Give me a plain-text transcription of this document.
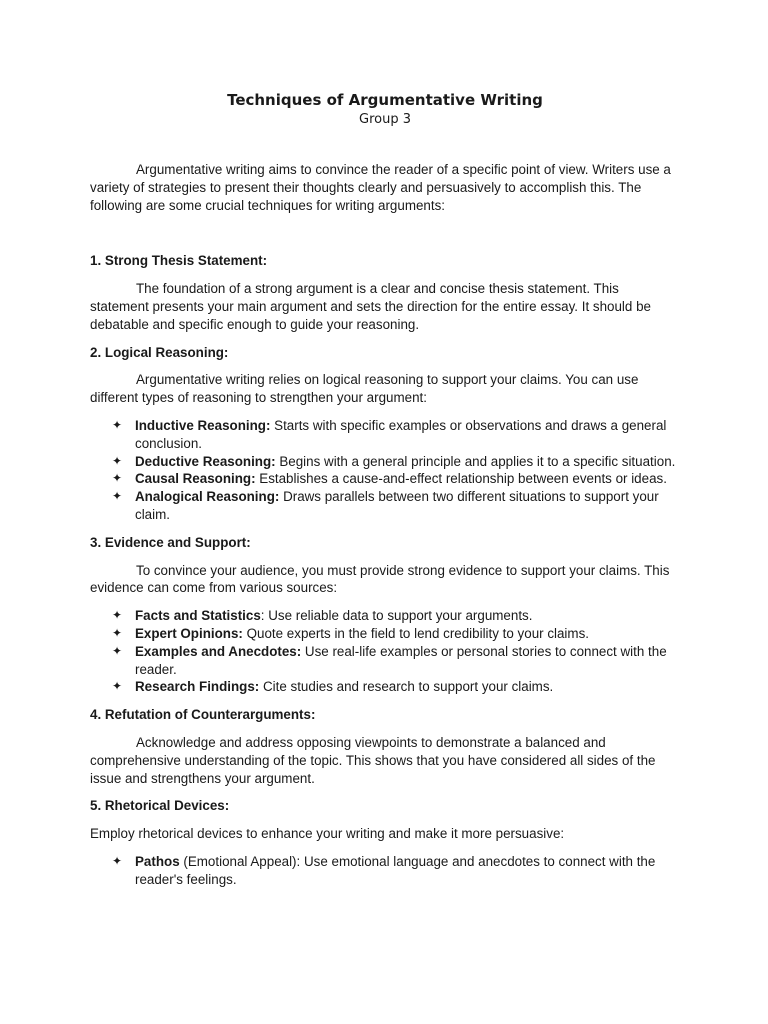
Techniques of Argumentative Writing

Group 3

Argumentative writing aims to convince the reader of a specific point of view. Writers use a variety of strategies to present their thoughts clearly and persuasively to accomplish this. The following are some crucial techniques for writing arguments:

1. Strong Thesis Statement:

The foundation of a strong argument is a clear and concise thesis statement. This statement presents your main argument and sets the direction for the entire essay. It should be debatable and specific enough to guide your reasoning.

2. Logical Reasoning:

Argumentative writing relies on logical reasoning to support your claims. You can use different types of reasoning to strengthen your argument:

✦ Inductive Reasoning: Starts with specific examples or observations and draws a general conclusion.
✦ Deductive Reasoning: Begins with a general principle and applies it to a specific situation.
✦ Causal Reasoning: Establishes a cause-and-effect relationship between events or ideas.
✦ Analogical Reasoning: Draws parallels between two different situations to support your claim.

3. Evidence and Support:

To convince your audience, you must provide strong evidence to support your claims. This evidence can come from various sources:

✦ Facts and Statistics: Use reliable data to support your arguments.
✦ Expert Opinions: Quote experts in the field to lend credibility to your claims.
✦ Examples and Anecdotes: Use real-life examples or personal stories to connect with the reader.
✦ Research Findings: Cite studies and research to support your claims.

4. Refutation of Counterarguments:

Acknowledge and address opposing viewpoints to demonstrate a balanced and comprehensive understanding of the topic. This shows that you have considered all sides of the issue and strengthens your argument.

5. Rhetorical Devices:

Employ rhetorical devices to enhance your writing and make it more persuasive:

✦ Pathos (Emotional Appeal): Use emotional language and anecdotes to connect with the reader's feelings.
